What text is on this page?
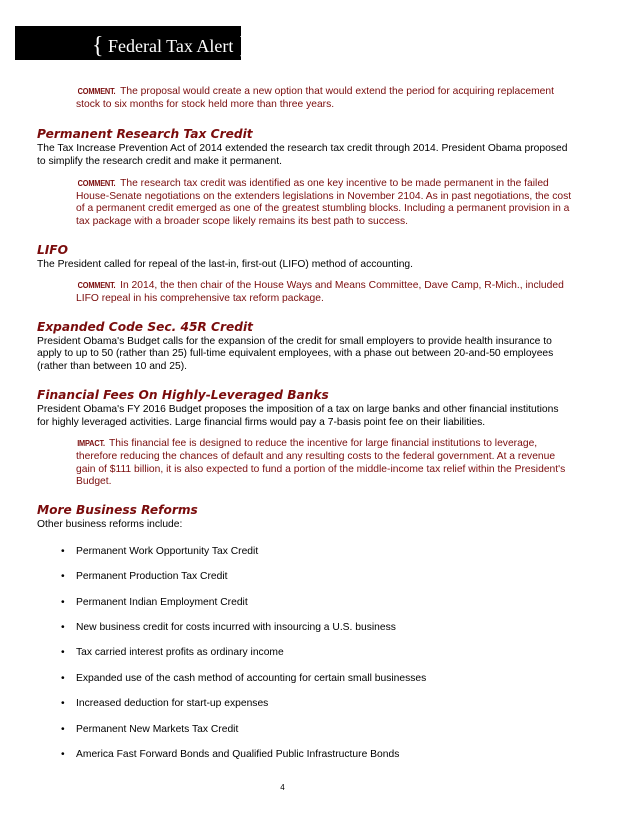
{ Federal Tax Alert }
COMMENT. The proposal would create a new option that would extend the period for acquiring replacement stock to six months for stock held more than three years.
Permanent Research Tax Credit

The Tax Increase Prevention Act of 2014 extended the research tax credit through 2014. President Obama proposed to simplify the research credit and make it permanent.

COMMENT. The research tax credit was identified as one key incentive to be made permanent in the failed House-Senate negotiations on the extenders legislations in November 2104. As in past negotiations, the cost of a permanent credit emerged as one of the greatest stumbling blocks. Including a permanent provision in a tax package with a broader scope likely remains its best path to success.
LIFO

The President called for repeal of the last-in, first-out (LIFO) method of accounting.

COMMENT. In 2014, the then chair of the House Ways and Means Committee, Dave Camp, R-Mich., included LIFO repeal in his comprehensive tax reform package.
Expanded Code Sec. 45R Credit

President Obama's Budget calls for the expansion of the credit for small employers to provide health insurance to apply to up to 50 (rather than 25) full-time equivalent employees, with a phase out between 20-and-50 employees (rather than between 10 and 25).

Financial Fees On Highly-Leveraged Banks

President Obama's FY 2016 Budget proposes the imposition of a tax on large banks and other financial institutions for highly leveraged activities. Large financial firms would pay a 7-basis point fee on their liabilities.

IMPACT. This financial fee is designed to reduce the incentive for large financial institutions to leverage, therefore reducing the chances of default and any resulting costs to the federal government. At a revenue gain of $111 billion, it is also expected to fund a portion of the middle-income tax relief within the President's Budget.
More Business Reforms

Other business reforms include:

• Permanent Work Opportunity Tax Credit
• Permanent Production Tax Credit
• Permanent Indian Employment Credit
• New business credit for costs incurred with insourcing a U.S. business
• Tax carried interest profits as ordinary income
• Expanded use of the cash method of accounting for certain small businesses
• Increased deduction for start-up expenses
• Permanent New Markets Tax Credit
• America Fast Forward Bonds and Qualified Public Infrastructure Bonds
4
